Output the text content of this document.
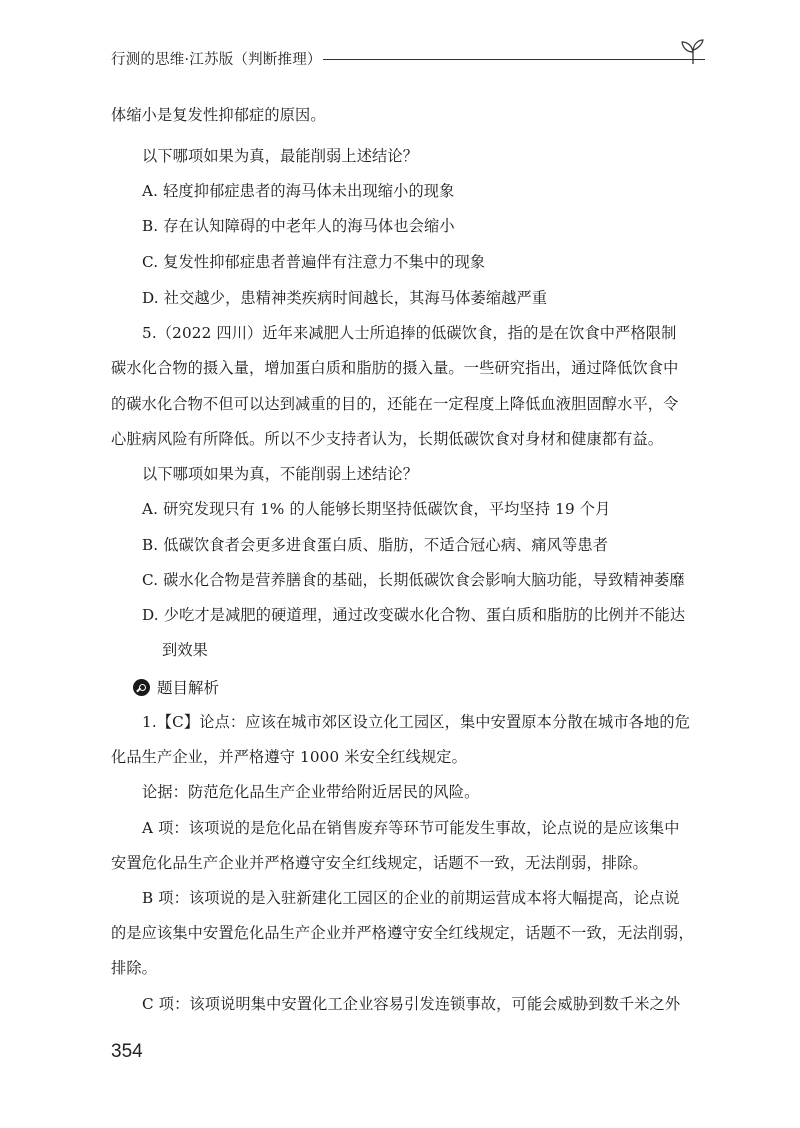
行测的思维·江苏版（判断推理）
体缩小是复发性抑郁症的原因。
以下哪项如果为真，最能削弱上述结论？
A. 轻度抑郁症患者的海马体未出现缩小的现象
B. 存在认知障碍的中老年人的海马体也会缩小
C. 复发性抑郁症患者普遍伴有注意力不集中的现象
D. 社交越少，患精神类疾病时间越长，其海马体萎缩越严重
5.（2022 四川）近年来减肥人士所追捧的低碳饮食，指的是在饮食中严格限制
碳水化合物的摄入量，增加蛋白质和脂肪的摄入量。一些研究指出，通过降低饮食中
的碳水化合物不但可以达到减重的目的，还能在一定程度上降低血液胆固醇水平，令
心脏病风险有所降低。所以不少支持者认为，长期低碳饮食对身材和健康都有益。
以下哪项如果为真，不能削弱上述结论？
A. 研究发现只有 1% 的人能够长期坚持低碳饮食，平均坚持 19 个月
B. 低碳饮食者会更多进食蛋白质、脂肪，不适合冠心病、痛风等患者
C. 碳水化合物是营养膳食的基础，长期低碳饮食会影响大脑功能，导致精神萎靡
D. 少吃才是减肥的硬道理，通过改变碳水化合物、蛋白质和脂肪的比例并不能达
到效果
题目解析
1.【C】论点：应该在城市郊区设立化工园区，集中安置原本分散在城市各地的危
化品生产企业，并严格遵守 1000 米安全红线规定。
论据：防范危化品生产企业带给附近居民的风险。
A 项：该项说的是危化品在销售废弃等环节可能发生事故，论点说的是应该集中
安置危化品生产企业并严格遵守安全红线规定，话题不一致，无法削弱，排除。
B 项：该项说的是入驻新建化工园区的企业的前期运营成本将大幅提高，论点说
的是应该集中安置危化品生产企业并严格遵守安全红线规定，话题不一致，无法削弱，
排除。
C 项：该项说明集中安置化工企业容易引发连锁事故，可能会威胁到数千米之外
354
